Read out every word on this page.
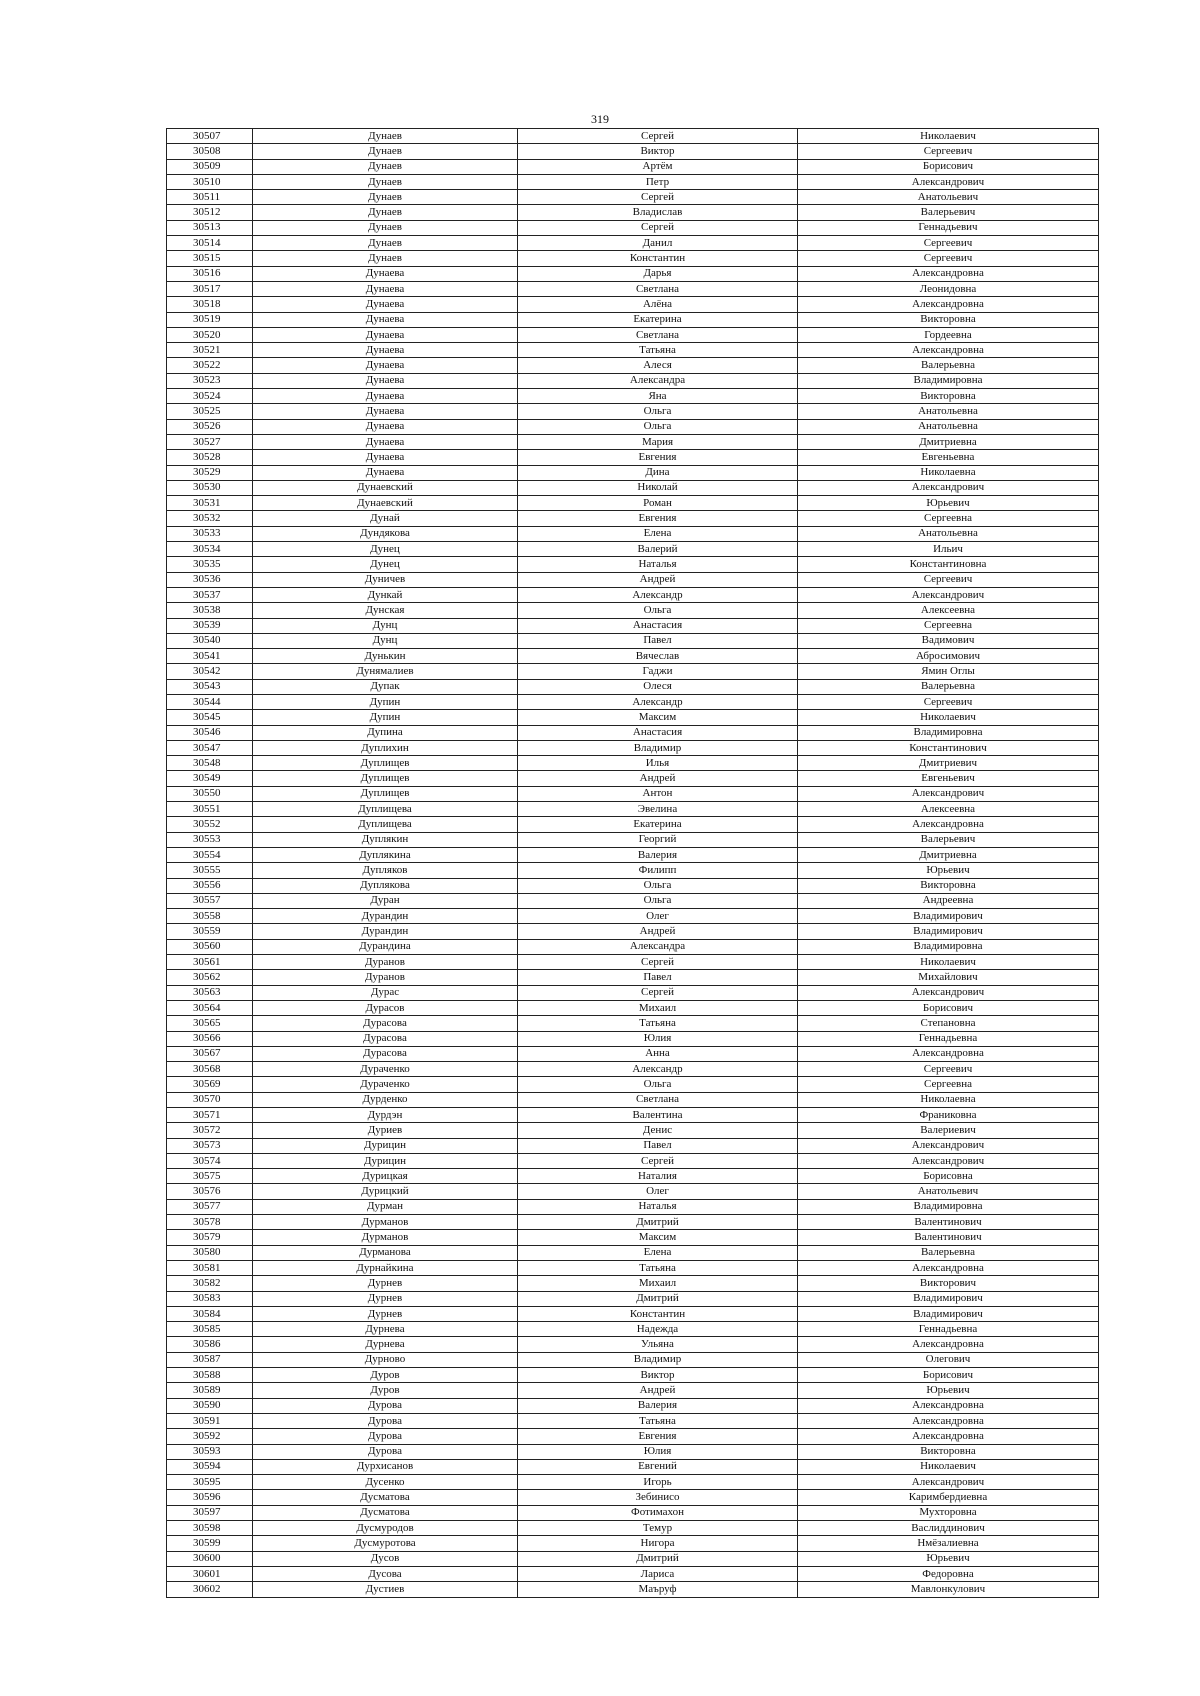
319
30507	Дунаев	Сергей	Николаевич
30508	Дунаев	Виктор	Сергеевич
30509	Дунаев	Артём	Борисович
30510	Дунаев	Петр	Александрович
30511	Дунаев	Сергей	Анатольевич
30512	Дунаев	Владислав	Валерьевич
30513	Дунаев	Сергей	Геннадьевич
30514	Дунаев	Данил	Сергеевич
30515	Дунаев	Константин	Сергеевич
30516	Дунаева	Дарья	Александровна
30517	Дунаева	Светлана	Леонидовна
30518	Дунаева	Алёна	Александровна
30519	Дунаева	Екатерина	Викторовна
30520	Дунаева	Светлана	Гордеевна
30521	Дунаева	Татьяна	Александровна
30522	Дунаева	Алеся	Валерьевна
30523	Дунаева	Александра	Владимировна
30524	Дунаева	Яна	Викторовна
30525	Дунаева	Ольга	Анатольевна
30526	Дунаева	Ольга	Анатольевна
30527	Дунаева	Мария	Дмитриевна
30528	Дунаева	Евгения	Евгеньевна
30529	Дунаева	Дина	Николаевна
30530	Дунаевский	Николай	Александрович
30531	Дунаевский	Роман	Юрьевич
30532	Дунай	Евгения	Сергеевна
30533	Дундякова	Елена	Анатольевна
30534	Дунец	Валерий	Ильич
30535	Дунец	Наталья	Константиновна
30536	Дуничев	Андрей	Сергеевич
30537	Дункай	Александр	Александрович
30538	Дунская	Ольга	Алексеевна
30539	Дунц	Анастасия	Сергеевна
30540	Дунц	Павел	Вадимович
30541	Дунькин	Вячеслав	Абросимович
30542	Дунямалиев	Гаджи	Ямин Оглы
30543	Дупак	Олеся	Валерьевна
30544	Дупин	Александр	Сергеевич
30545	Дупин	Максим	Николаевич
30546	Дупина	Анастасия	Владимировна
30547	Дуплихин	Владимир	Константинович
30548	Дуплищев	Илья	Дмитриевич
30549	Дуплищев	Андрей	Евгеньевич
30550	Дуплищев	Антон	Александрович
30551	Дуплищева	Эвелина	Алексеевна
30552	Дуплищева	Екатерина	Александровна
30553	Дуплякин	Георгий	Валерьевич
30554	Дуплякина	Валерия	Дмитриевна
30555	Дупляков	Филипп	Юрьевич
30556	Дуплякова	Ольга	Викторовна
30557	Дуран	Ольга	Андреевна
30558	Дурандин	Олег	Владимирович
30559	Дурандин	Андрей	Владимирович
30560	Дурандина	Александра	Владимировна
30561	Дуранов	Сергей	Николаевич
30562	Дуранов	Павел	Михайлович
30563	Дурас	Сергей	Александрович
30564	Дурасов	Михаил	Борисович
30565	Дурасова	Татьяна	Степановна
30566	Дурасова	Юлия	Геннадьевна
30567	Дурасова	Анна	Александровна
30568	Дураченко	Александр	Сергеевич
30569	Дураченко	Ольга	Сергеевна
30570	Дурденко	Светлана	Николаевна
30571	Дурдэн	Валентина	Франиковна
30572	Дуриев	Денис	Валериевич
30573	Дурицин	Павел	Александрович
30574	Дурицин	Сергей	Александрович
30575	Дурицкая	Наталия	Борисовна
30576	Дурицкий	Олег	Анатольевич
30577	Дурман	Наталья	Владимировна
30578	Дурманов	Дмитрий	Валентинович
30579	Дурманов	Максим	Валентинович
30580	Дурманова	Елена	Валерьевна
30581	Дурнайкина	Татьяна	Александровна
30582	Дурнев	Михаил	Викторович
30583	Дурнев	Дмитрий	Владимирович
30584	Дурнев	Константин	Владимирович
30585	Дурнева	Надежда	Геннадьевна
30586	Дурнева	Ульяна	Александровна
30587	Дурново	Владимир	Олегович
30588	Дуров	Виктор	Борисович
30589	Дуров	Андрей	Юрьевич
30590	Дурова	Валерия	Александровна
30591	Дурова	Татьяна	Александровна
30592	Дурова	Евгения	Александровна
30593	Дурова	Юлия	Викторовна
30594	Дурхисанов	Евгений	Николаевич
30595	Дусенко	Игорь	Александрович
30596	Дусматова	Зебинисо	Каримбердиевна
30597	Дусматова	Фотимахон	Мухторовна
30598	Дусмуродов	Темур	Васлиддинович
30599	Дусмуротова	Нигора	Нмёзалиевна
30600	Дусов	Дмитрий	Юрьевич
30601	Дусова	Лариса	Федоровна
30602	Дустиев	Маъруф	Мавлонкулович
